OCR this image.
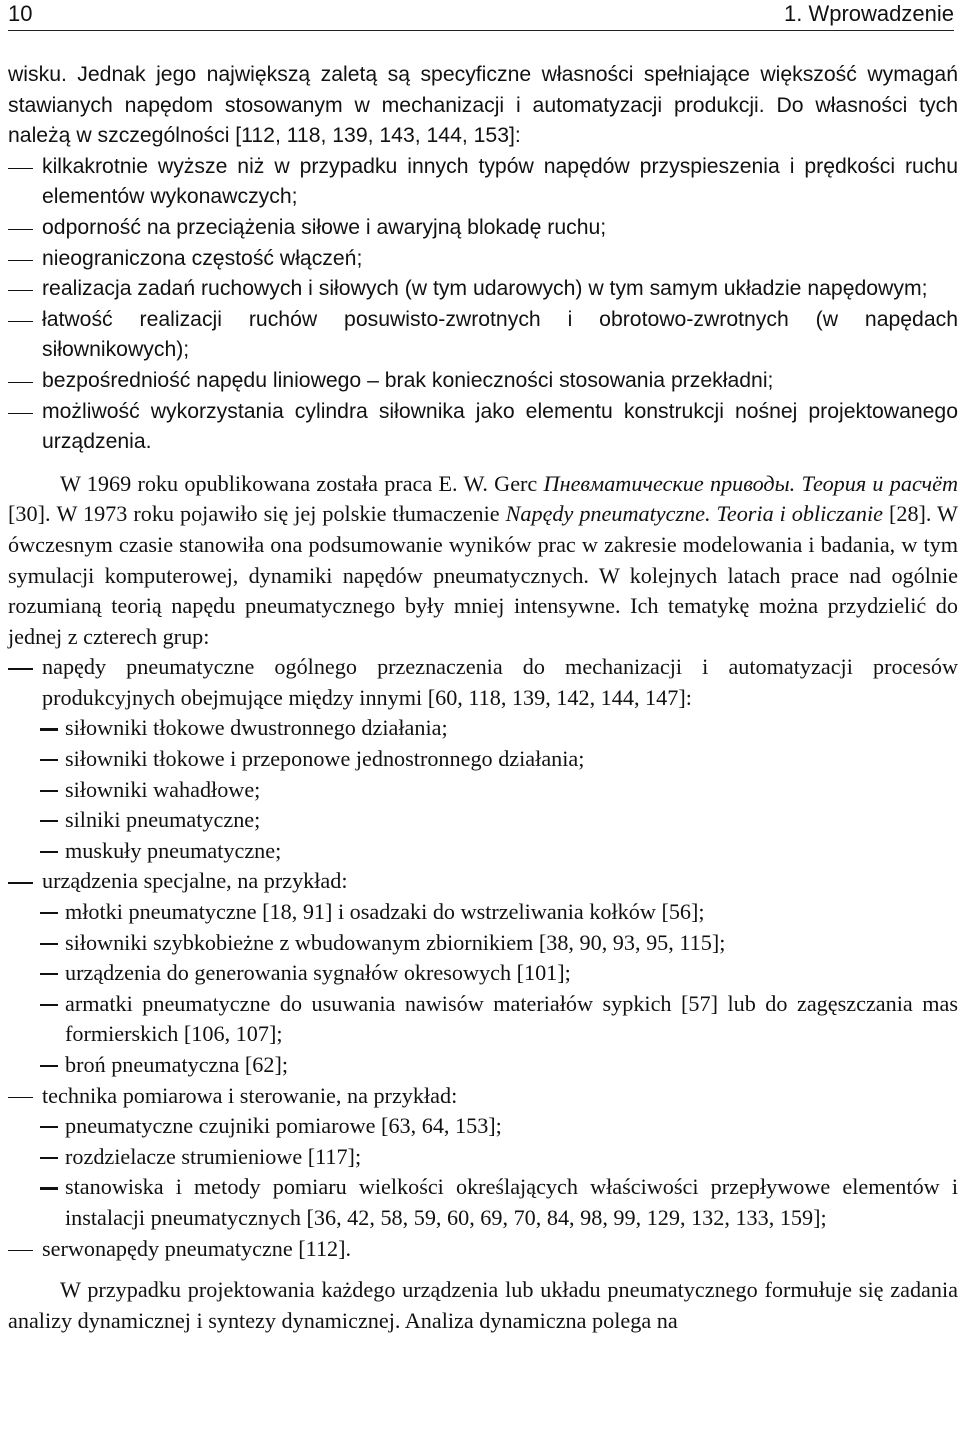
10	1. Wprowadzenie

wisku. Jednak jego największą zaletą są specyficzne własności spełniające większość wymagań stawianych napędom stosowanym w mechanizacji i automatyzacji produkcji. Do własności tych należą w szczególności [112, 118, 139, 143, 144, 153]:

kilkakrotnie wyższe niż w przypadku innych typów napędów przyspieszenia i prędkości ruchu elementów wykonawczych;
odporność na przeciążenia siłowe i awaryjną blokadę ruchu;
nieograniczona częstość włączeń;
realizacja zadań ruchowych i siłowych (w tym udarowych) w tym samym układzie napędowym;
łatwość realizacji ruchów posuwisto-zwrotnych i obrotowo-zwrotnych (w napędach siłownikowych);
bezpośredniość napędu liniowego – brak konieczności stosowania przekładni;
możliwość wykorzystania cylindra siłownika jako elementu konstrukcji nośnej projektowanego urządzenia.

W 1969 roku opublikowana została praca E. W. Gerc Пневматические приводы. Теория и расчёт [30]. W 1973 roku pojawiło się jej polskie tłumaczenie Napędy pneumatyczne. Teoria i obliczanie [28]. W ówczesnym czasie stanowiła ona podsumowanie wyników prac w zakresie modelowania i badania, w tym symulacji komputerowej, dynamiki napędów pneumatycznych. W kolejnych latach prace nad ogólnie rozumianą teorią napędu pneumatycznego były mniej intensywne. Ich tematykę można przydzielić do jednej z czterech grup:

napędy pneumatyczne ogólnego przeznaczenia do mechanizacji i automatyzacji procesów produkcyjnych obejmujące między innymi [60, 118, 139, 142, 144, 147]:
siłowniki tłokowe dwustronnego działania;
siłowniki tłokowe i przeponowe jednostronnego działania;
siłowniki wahadłowe;
silniki pneumatyczne;
muskuły pneumatyczne;
urządzenia specjalne, na przykład:
młotki pneumatyczne [18, 91] i osadzaki do wstrzeliwania kołków [56];
siłowniki szybkobieżne z wbudowanym zbiornikiem [38, 90, 93, 95, 115];
urządzenia do generowania sygnałów okresowych [101];
armatki pneumatyczne do usuwania nawisów materiałów sypkich [57] lub do zagęszczania mas formierskich [106, 107];
broń pneumatyczna [62];
technika pomiarowa i sterowanie, na przykład:
pneumatyczne czujniki pomiarowe [63, 64, 153];
rozdzielacze strumieniowe [117];
stanowiska i metody pomiaru wielkości określających właściwości przepływowe elementów i instalacji pneumatycznych [36, 42, 58, 59, 60, 69, 70, 84, 98, 99, 129, 132, 133, 159];
serwonapędy pneumatyczne [112].

W przypadku projektowania każdego urządzenia lub układu pneumatycznego formułuje się zadania analizy dynamicznej i syntezy dynamicznej. Analiza dynamiczna polega na
